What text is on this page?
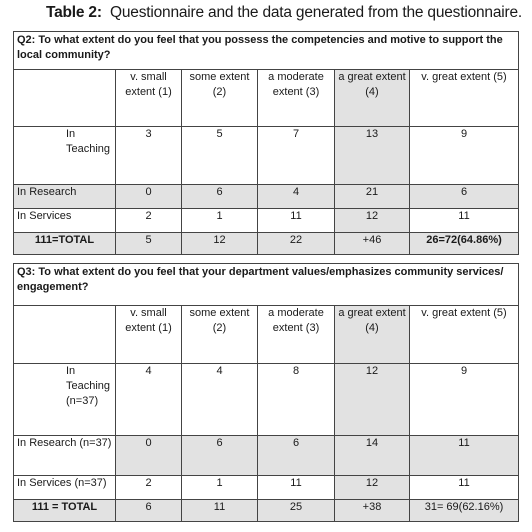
Table 2: Questionnaire and the data generated from the questionnaire.
Q2: To what extent do you feel that you possess the competencies and motive to support the local community?					
	v. small extent (1)	some extent (2)	a moderate extent (3)	a great extent (4)	v. great extent (5)
In Teaching	3	5	7	13	9
In Research	0	6	4	21	6
In Services	2	1	11	12	11
111=TOTAL	5	12	22	+46	26=72(64.86%)
Q3: To what extent do you feel that your department values/emphasizes community services/ engagement?					
	v. small extent (1)	some extent (2)	a moderate extent (3)	a great extent (4)	v. great extent (5)
In Teaching (n=37)	4	4	8	12	9
In Research (n=37)	0	6	6	14	11
In Services (n=37)	2	1	11	12	11
111 = TOTAL	6	11	25	+38	31= 69(62.16%)
